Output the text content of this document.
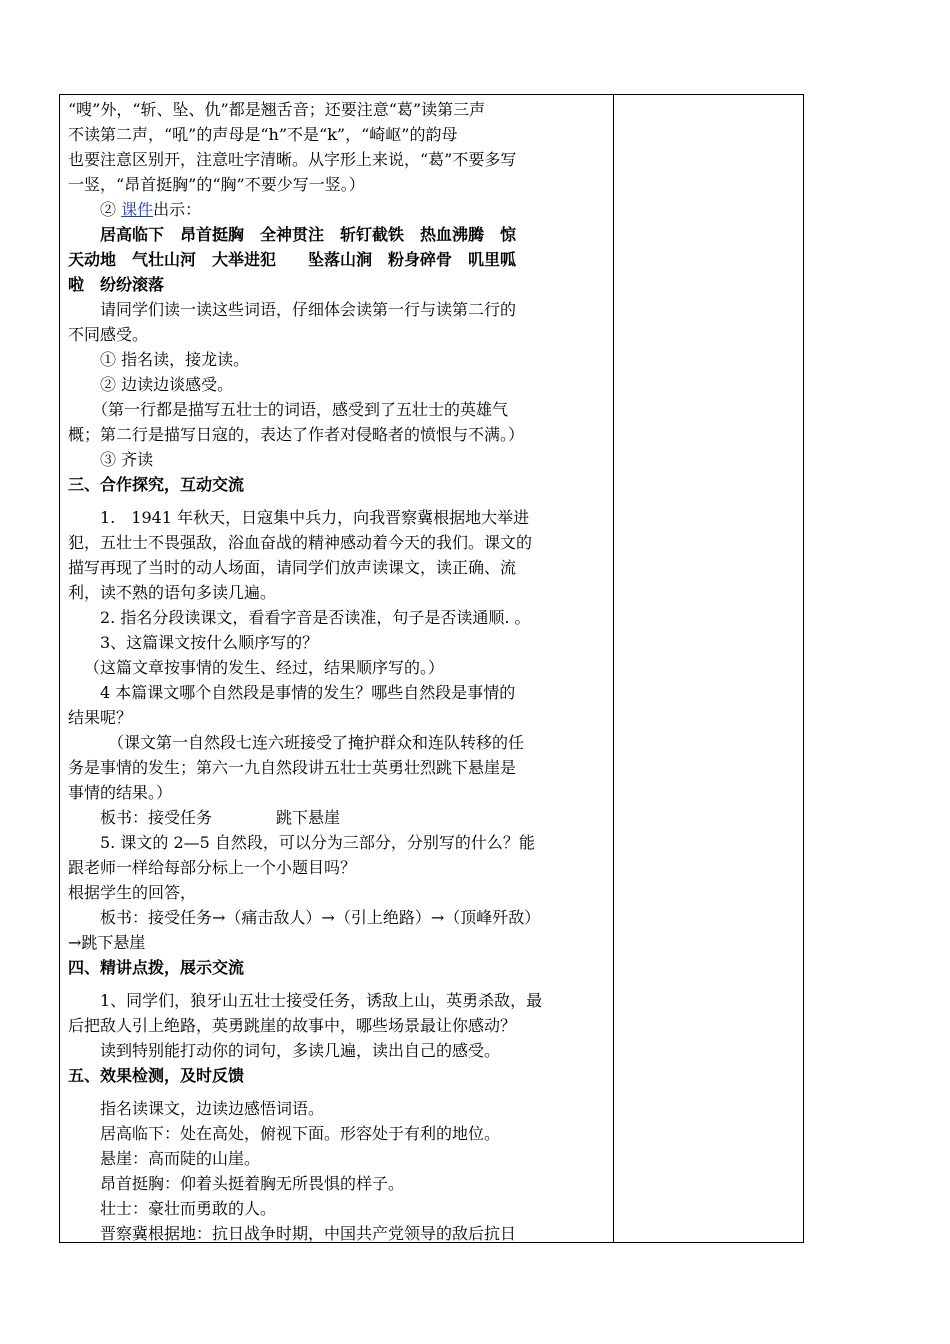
“嗖”外，“斩、坠、仇”都是翘舌音；还要注意“葛”读第三声
不读第二声，“吼”的声母是“h”不是“k”，“崎岖”的韵母
也要注意区别开，注意吐字清晰。从字形上来说，“葛”不要多写
一竖，“昂首挺胸”的“胸”不要少写一竖。）
② 课件出示：
居高临下　昂首挺胸　全神贯注　斩钉截铁　热血沸腾　惊
天动地　气壮山河　大举进犯　　坠落山涧　粉身碎骨　叽里呱
啦　纷纷滚落
请同学们读一读这些词语，仔细体会读第一行与读第二行的
不同感受。
① 指名读，接龙读。
② 边读边谈感受。
（第一行都是描写五壮士的词语，感受到了五壮士的英雄气
概；第二行是描写日寇的，表达了作者对侵略者的愤恨与不满。）
③ 齐读
三、合作探究，互动交流
1.　1941 年秋天，日寇集中兵力，向我晋察冀根据地大举进
犯，五壮士不畏强敌，浴血奋战的精神感动着今天的我们。课文的
描写再现了当时的动人场面，请同学们放声读课文，读正确、流
利，读不熟的语句多读几遍。
2. 指名分段读课文，看看字音是否读准，句子是否读通顺. 。
3、这篇课文按什么顺序写的？
（这篇文章按事情的发生、经过，结果顺序写的。）
4 本篇课文哪个自然段是事情的发生？哪些自然段是事情的
结果呢？
（课文第一自然段七连六班接受了掩护群众和连队转移的任
务是事情的发生；第六一九自然段讲五壮士英勇壮烈跳下悬崖是
事情的结果。）
板书：接受任务　　　　跳下悬崖
5. 课文的 2—5 自然段，可以分为三部分，分别写的什么？能
跟老师一样给每部分标上一个小题目吗？
根据学生的回答，
板书：接受任务→（痛击敌人）→（引上绝路）→（顶峰歼敌）
→跳下悬崖
四、精讲点拨，展示交流
1、同学们，狼牙山五壮士接受任务，诱敌上山，英勇杀敌，最
后把敌人引上绝路，英勇跳崖的故事中，哪些场景最让你感动？
读到特别能打动你的词句，多读几遍，读出自己的感受。
五、效果检测，及时反馈
指名读课文，边读边感悟词语。
居高临下：处在高处，俯视下面。形容处于有利的地位。
悬崖：高而陡的山崖。
昂首挺胸：仰着头挺着胸无所畏惧的样子。
壮士：豪壮而勇敢的人。
晋察冀根据地：抗日战争时期，中国共产党领导的敌后抗日
